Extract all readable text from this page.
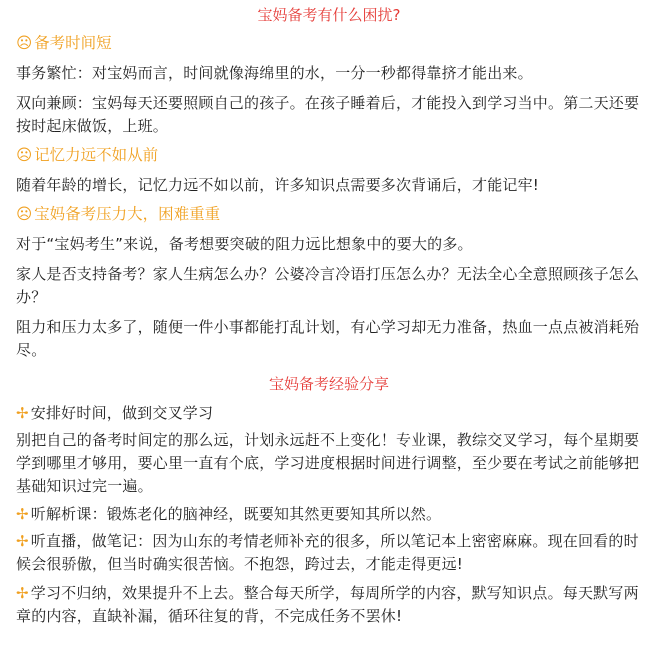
宝妈备考有什么困扰?
☹ 备考时间短

事务繁忙：对宝妈而言，时间就像海绵里的水，一分一秒都得靠挤才能出来。

双向兼顾：宝妈每天还要照顾自己的孩子。在孩子睡着后，才能投入到学习当中。第二天还要按时起床做饭，上班。

☹ 记忆力远不如从前

随着年龄的增长，记忆力远不如以前，许多知识点需要多次背诵后，才能记牢!

☹ 宝妈备考压力大，困难重重

对于“宝妈考生”来说，备考想要突破的阻力远比想象中的要大的多。

家人是否支持备考？家人生病怎么办？公婆冷言冷语打压怎么办？无法全心全意照顾孩子怎么办？

阻力和压力太多了，随便一件小事都能打乱计划，有心学习却无力准备，热血一点点被消耗殆尽。

宝妈备考经验分享
✢ 安排好时间，做到交叉学习

别把自己的备考时间定的那么远，计划永远赶不上变化！专业课，教综交叉学习，每个星期要学到哪里才够用，要心里一直有个底，学习进度根据时间进行调整，至少要在考试之前能够把基础知识过完一遍。

✢ 听解析课：锻炼老化的脑神经，既要知其然更要知其所以然。
✢ 听直播，做笔记：因为山东的考情老师补充的很多，所以笔记本上密密麻麻。现在回看的时候会很骄傲，但当时确实很苦恼。不抱怨，跨过去，才能走得更远!
✢ 学习不归纳，效果提升不上去。整合每天所学，每周所学的内容，默写知识点。每天默写两章的内容，直缺补漏，循环往复的背，不完成任务不罢休!
